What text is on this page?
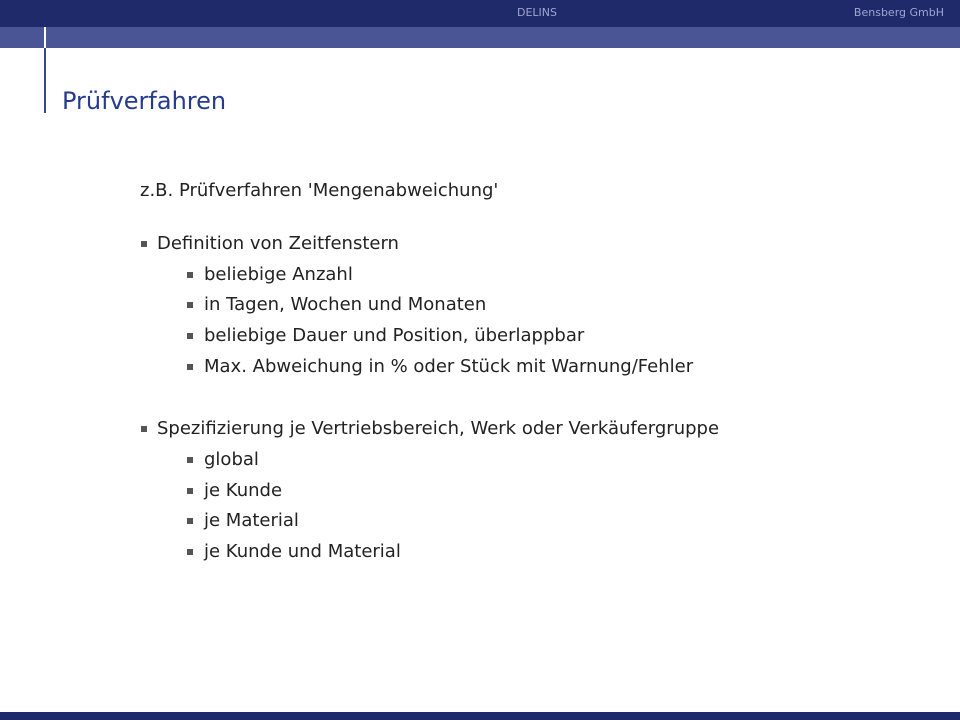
DELINS	Bensberg GmbH
Prüfverfahren
z.B. Prüfverfahren 'Mengenabweichung'
Definition von Zeitfenstern
beliebige Anzahl
in Tagen, Wochen und Monaten
beliebige Dauer und Position, überlappbar
Max. Abweichung in % oder Stück mit Warnung/Fehler
Spezifizierung je Vertriebsbereich, Werk oder Verkäufergruppe
global
je Kunde
je Material
je Kunde und Material
